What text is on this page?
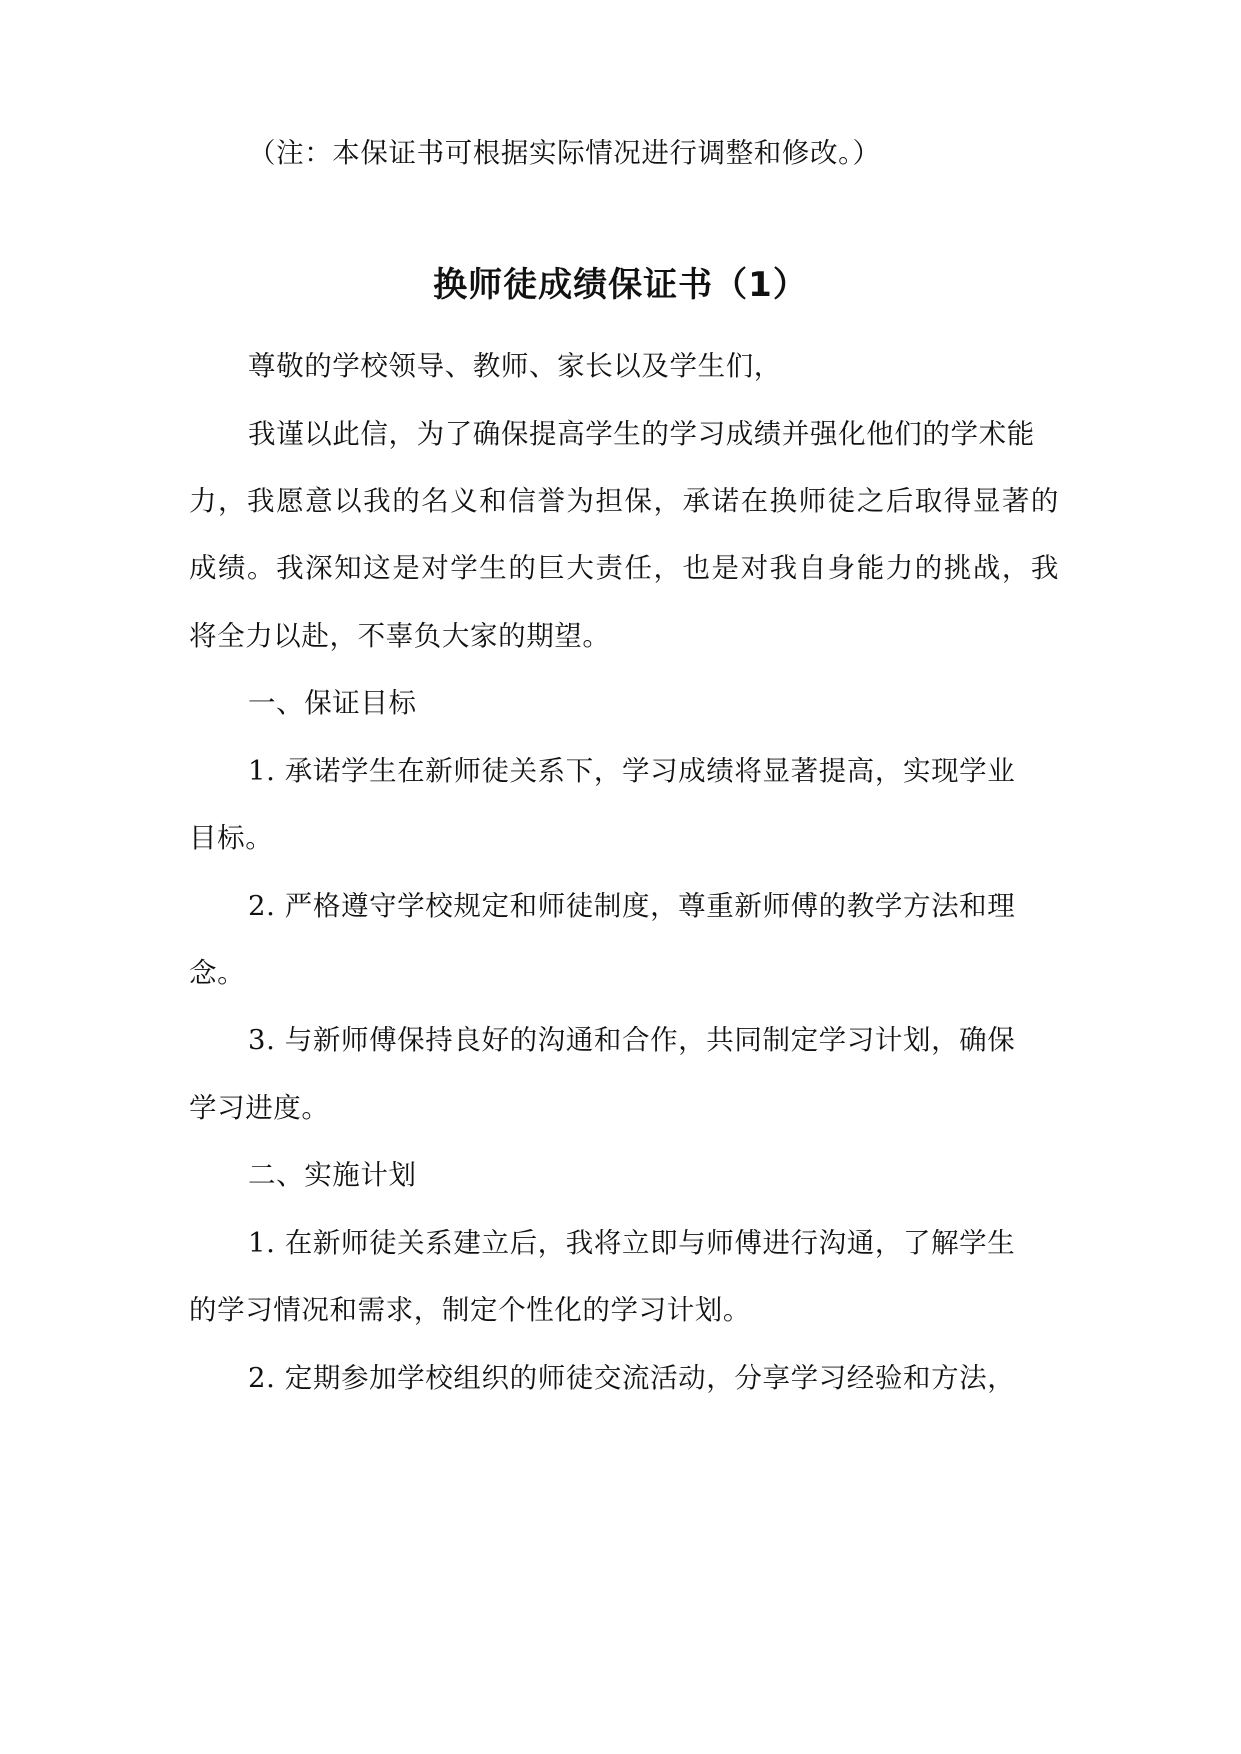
（注：本保证书可根据实际情况进行调整和修改。）
换师徒成绩保证书（1）
尊敬的学校领导、教师、家长以及学生们，
我谨以此信，为了确保提高学生的学习成绩并强化他们的学术能
力，我愿意以我的名义和信誉为担保，承诺在换师徒之后取得显著的
成绩。我深知这是对学生的巨大责任，也是对我自身能力的挑战，我
将全力以赴，不辜负大家的期望。
一、保证目标
1. 承诺学生在新师徒关系下，学习成绩将显著提高，实现学业
目标。
2. 严格遵守学校规定和师徒制度，尊重新师傅的教学方法和理
念。
3. 与新师傅保持良好的沟通和合作，共同制定学习计划，确保
学习进度。
二、实施计划
1. 在新师徒关系建立后，我将立即与师傅进行沟通，了解学生
的学习情况和需求，制定个性化的学习计划。
2. 定期参加学校组织的师徒交流活动，分享学习经验和方法，
